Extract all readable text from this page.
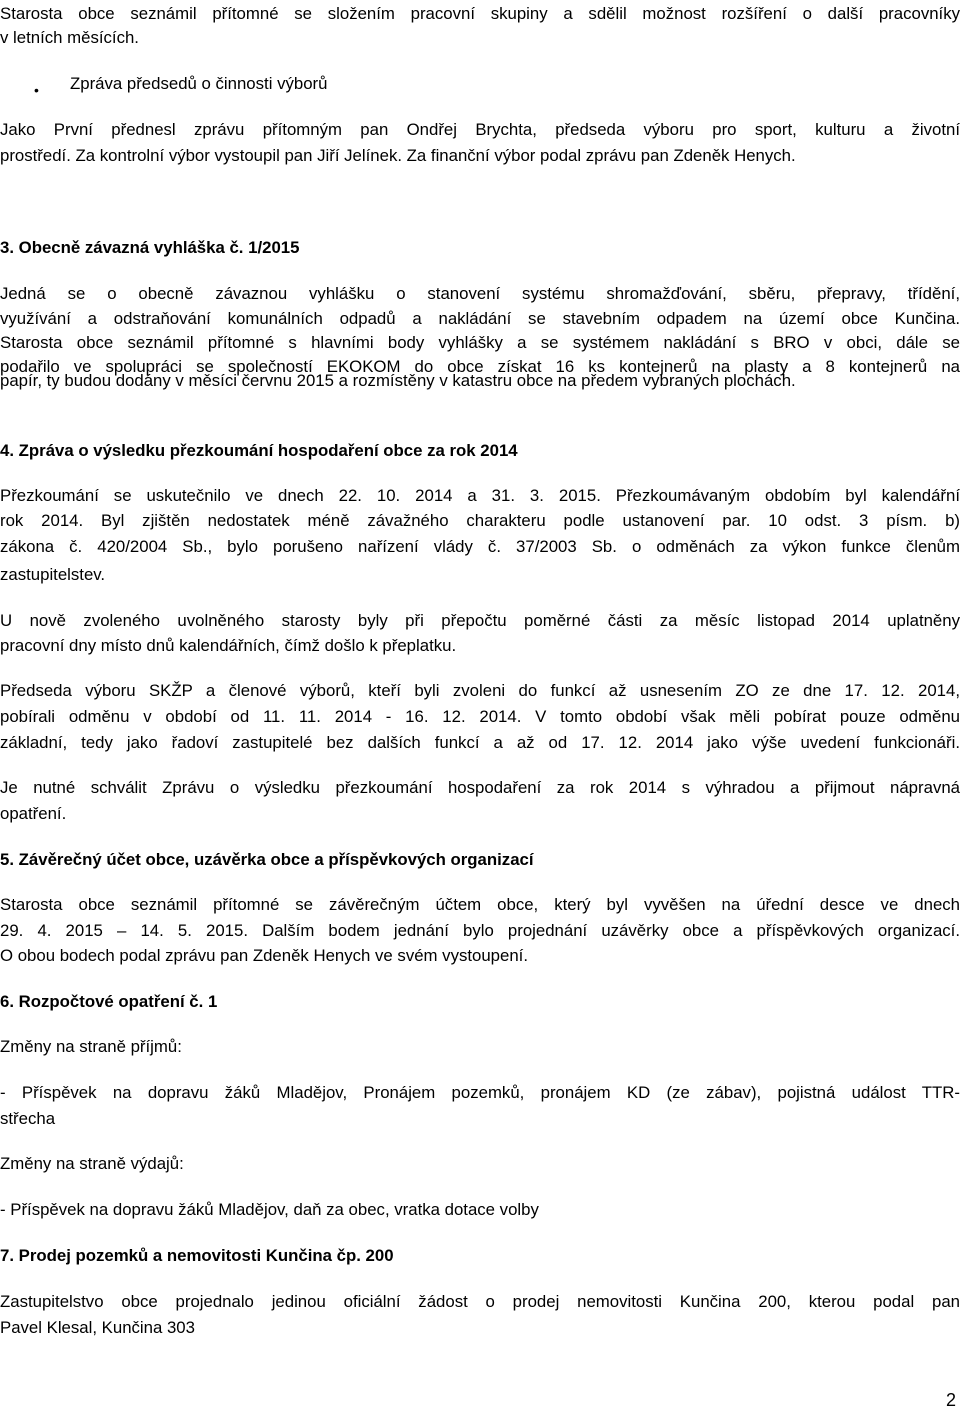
•
2
Starosta obce seznámil přítomné se složením pracovní skupiny a sdělil možnost rozšíření o další pracovníky
v letních měsících.
Zpráva předsedů o činnosti výborů
Jako První přednesl zprávu přítomným pan Ondřej Brychta, předseda výboru pro sport, kulturu a životní
prostředí. Za kontrolní výbor vystoupil pan Jiří Jelínek. Za finanční výbor podal zprávu pan Zdeněk Henych.
3. Obecně závazná vyhláška č. 1/2015
Jedná se o obecně závaznou vyhlášku o stanovení systému shromažďování, sběru, přepravy, třídění,
využívání a odstraňování komunálních odpadů a nakládání se stavebním odpadem na území obce Kunčina.
Starosta obce seznámil přítomné s hlavními body vyhlášky a se systémem nakládání s BRO v obci, dále se
podařilo ve spolupráci se společností EKOKOM do obce získat 16 ks kontejnerů na plasty a 8 kontejnerů na
papír, ty budou dodány v měsíci červnu 2015 a rozmístěny v katastru obce na předem vybraných plochách.
4. Zpráva o výsledku přezkoumání hospodaření obce za rok 2014
Přezkoumání se uskutečnilo ve dnech 22. 10. 2014 a 31. 3. 2015. Přezkoumávaným obdobím byl kalendářní
rok 2014. Byl zjištěn nedostatek méně závažného charakteru podle ustanovení par. 10 odst. 3 písm. b)
zákona č. 420/2004 Sb., bylo porušeno nařízení vlády č. 37/2003 Sb. o odměnách za výkon funkce členům
zastupitelstev.
U nově zvoleného uvolněného starosty byly při přepočtu poměrné části za měsíc listopad 2014 uplatněny
pracovní dny místo dnů kalendářních, čímž došlo k přeplatku.
Předseda výboru SKŽP a členové výborů, kteří byli zvoleni do funkcí až usnesením ZO ze dne 17. 12. 2014,
pobírali odměnu v období od 11. 11. 2014 - 16. 12. 2014. V tomto období však měli pobírat pouze odměnu
základní, tedy jako řadoví zastupitelé bez dalších funkcí a až od 17. 12. 2014 jako výše uvedení funkcionáři.
Je nutné schválit Zprávu o výsledku přezkoumání hospodaření za rok 2014 s výhradou a přijmout nápravná
opatření.
5. Závěrečný účet obce, uzávěrka obce a příspěvkových organizací
Starosta obce seznámil přítomné se závěrečným účtem obce, který byl vyvěšen na úřední desce ve dnech
29. 4. 2015 – 14. 5. 2015. Dalším bodem jednání bylo projednání uzávěrky obce a příspěvkových organizací.
O obou bodech podal zprávu pan Zdeněk Henych ve svém vystoupení.
6. Rozpočtové opatření č. 1
Změny na straně příjmů:
- Příspěvek na dopravu žáků Mladějov, Pronájem pozemků, pronájem KD (ze zábav), pojistná událost TTR-
střecha
Změny na straně výdajů:
- Příspěvek na dopravu žáků Mladějov, daň za obec, vratka dotace volby
7. Prodej pozemků a nemovitosti Kunčina čp. 200
Zastupitelstvo obce projednalo jedinou oficiální žádost o prodej nemovitosti Kunčina 200, kterou podal pan
Pavel Klesal, Kunčina 303
